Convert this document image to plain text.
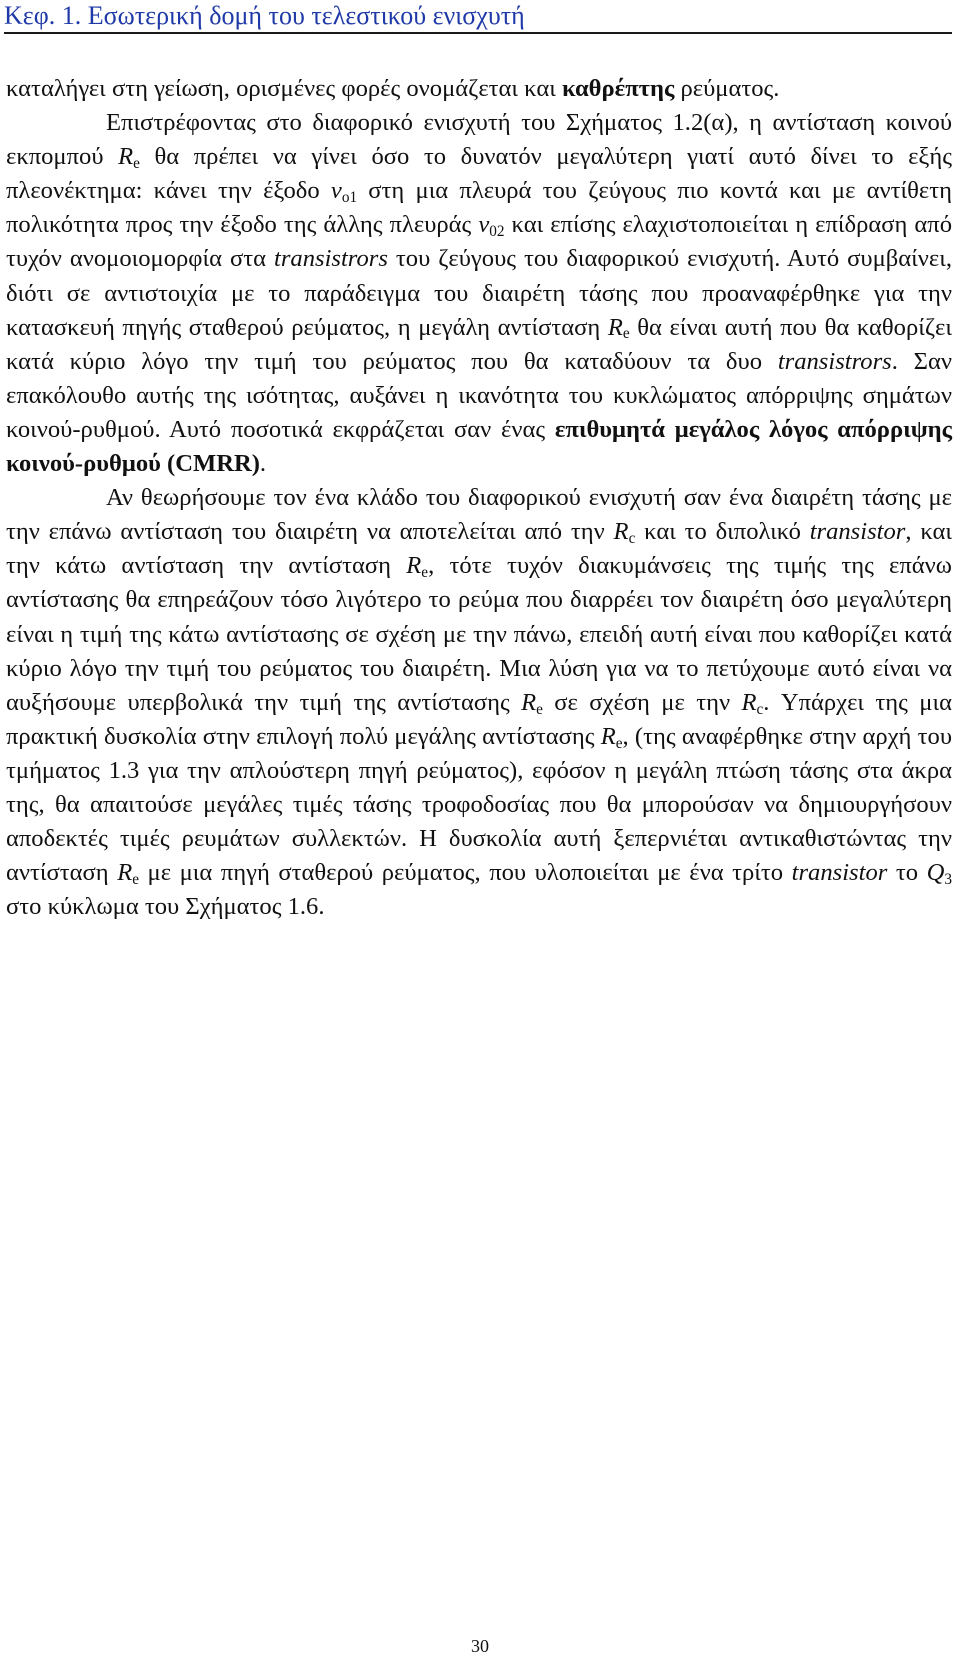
Κεφ. 1. Εσωτερική δομή του τελεστικού ενισχυτή

καταλήγει στη γείωση, ορισμένες φορές ονομάζεται και καθρέπτης ρεύματος.

Επιστρέφοντας στο διαφορικό ενισχυτή του Σχήματος 1.2(α), η αντίσταση κοινού εκπομπού $R_e$ θα πρέπει να γίνει όσο το δυνατόν μεγαλύτερη γιατί αυτό δίνει το εξής πλεονέκτημα: κάνει την έξοδο $v_{o1}$ στη μια πλευρά του ζεύγους πιο κοντά και με αντίθετη πολικότητα προς την έξοδο της άλλης πλευράς $v_{02}$ και επίσης ελαχιστοποιείται η επίδραση από τυχόν ανομοιομορφία στα transistrors του ζεύγους του διαφορικού ενισχυτή. Αυτό συμβαίνει, διότι σε αντιστοιχία με το παράδειγμα του διαιρέτη τάσης που προαναφέρθηκε για την κατασκευή πηγής σταθερού ρεύματος, η μεγάλη αντίσταση $R_e$ θα είναι αυτή που θα καθορίζει κατά κύριο λόγο την τιμή του ρεύματος που θα καταδύουν τα δυο transistrors. Σαν επακόλουθο αυτής της ισότητας, αυξάνει η ικανότητα του κυκλώματος απόρριψης σημάτων κοινού-ρυθμού. Αυτό ποσοτικά εκφράζεται σαν ένας επιθυμητά μεγάλος λόγος απόρριψης κοινού-ρυθμού (CMRR).

Αν θεωρήσουμε τον ένα κλάδο του διαφορικού ενισχυτή σαν ένα διαιρέτη τάσης με την επάνω αντίσταση του διαιρέτη να αποτελείται από την $R_c$ και το διπολικό transistor, και την κάτω αντίσταση την αντίσταση $R_e$, τότε τυχόν διακυμάνσεις της τιμής της επάνω αντίστασης θα επηρεάζουν τόσο λιγότερο το ρεύμα που διαρρέει τον διαιρέτη όσο μεγαλύτερη είναι η τιμή της κάτω αντίστασης σε σχέση με την πάνω, επειδή αυτή είναι που καθορίζει κατά κύριο λόγο την τιμή του ρεύματος του διαιρέτη. Μια λύση για να το πετύχουμε αυτό είναι να αυξήσουμε υπερβολικά την τιμή της αντίστασης $R_e$ σε σχέση με την $R_c$. Υπάρχει της μια πρακτική δυσκολία στην επιλογή πολύ μεγάλης αντίστασης $R_e$, (της αναφέρθηκε στην αρχή του τμήματος 1.3 για την απλούστερη πηγή ρεύματος), εφόσον η μεγάλη πτώση τάσης στα άκρα της, θα απαιτούσε μεγάλες τιμές τάσης τροφοδοσίας που θα μπορούσαν να δημιουργήσουν αποδεκτές τιμές ρευμάτων συλλεκτών. Η δυσκολία αυτή ξεπερνιέται αντικαθιστώντας την αντίσταση $R_e$ με μια πηγή σταθερού ρεύματος, που υλοποιείται με ένα τρίτο transistor το $Q_3$ στο κύκλωμα του Σχήματος 1.6.

30
